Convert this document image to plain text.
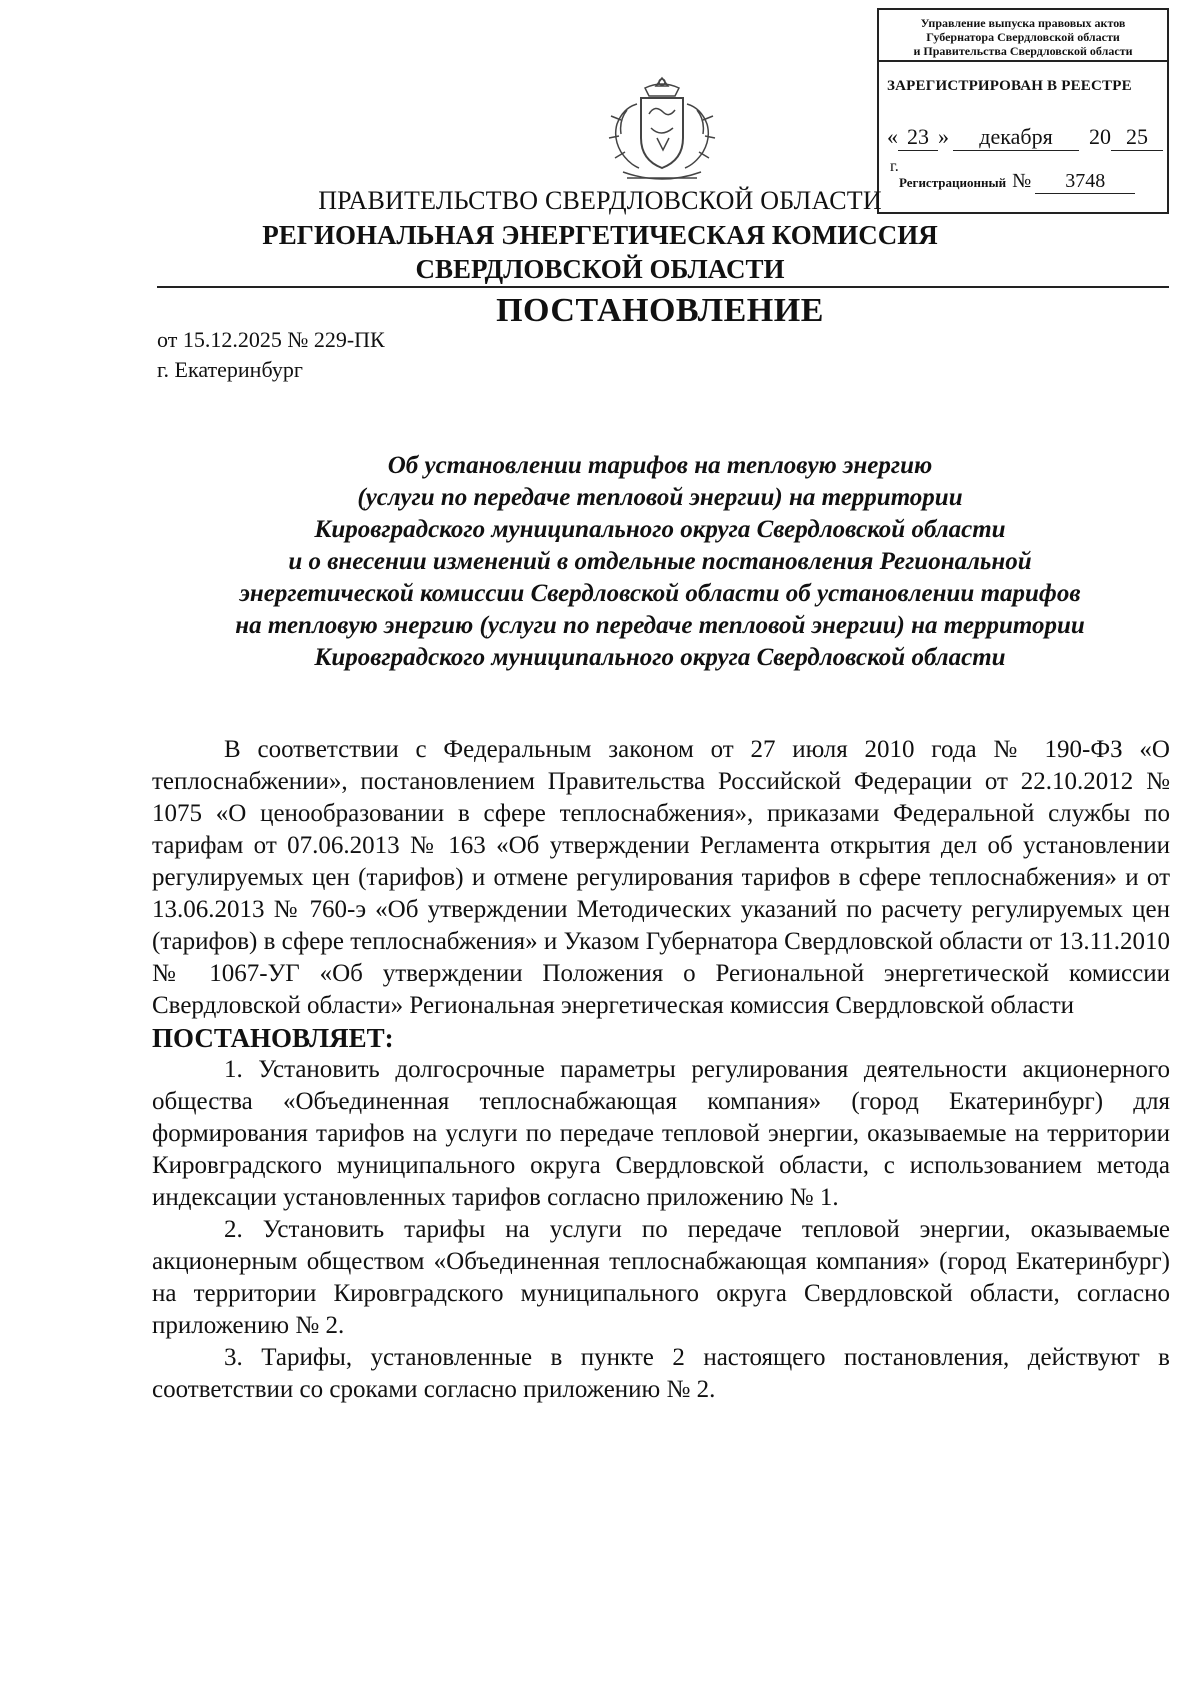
Управление выпуска правовых актов
Губернатора Свердловской области
и Правительства Свердловской области
ЗАРЕГИСТРИРОВАН В РЕЕСТРЕ
« 23 » декабря 20 25г.
Регистрационный № 3748
ПРАВИТЕЛЬСТВО СВЕРДЛОВСКОЙ ОБЛАСТИ
РЕГИОНАЛЬНАЯ ЭНЕРГЕТИЧЕСКАЯ КОМИССИЯ
СВЕРДЛОВСКОЙ ОБЛАСТИ
ПОСТАНОВЛЕНИЕ
от 15.12.2025 № 229-ПК
г. Екатеринбург
Об установлении тарифов на тепловую энергию
(услуги по передаче тепловой энергии) на территории
Кировградского муниципального округа Свердловской области
и о внесении изменений в отдельные постановления Региональной
энергетической комиссии Свердловской области об установлении тарифов
на тепловую энергию (услуги по передаче тепловой энергии) на территории
Кировградского муниципального округа Свердловской области

В соответствии с Федеральным законом от 27 июля 2010 года № 190-ФЗ «О теплоснабжении», постановлением Правительства Российской Федерации от 22.10.2012 № 1075 «О ценообразовании в сфере теплоснабжения», приказами Федеральной службы по тарифам от 07.06.2013 № 163 «Об утверждении Регламента открытия дел об установлении регулируемых цен (тарифов) и отмене регулирования тарифов в сфере теплоснабжения» и от 13.06.2013 № 760-э «Об утверждении Методических указаний по расчету регулируемых цен (тарифов) в сфере теплоснабжения» и Указом Губернатора Свердловской области от 13.11.2010 № 1067-УГ «Об утверждении Положения о Региональной энергетической комиссии Свердловской области» Региональная энергетическая комиссия Свердловской области

ПОСТАНОВЛЯЕТ:

1. Установить долгосрочные параметры регулирования деятельности акционерного общества «Объединенная теплоснабжающая компания» (город Екатеринбург) для формирования тарифов на услуги по передаче тепловой энергии, оказываемые на территории Кировградского муниципального округа Свердловской области, с использованием метода индексации установленных тарифов согласно приложению № 1.

2. Установить тарифы на услуги по передаче тепловой энергии, оказываемые акционерным обществом «Объединенная теплоснабжающая компания» (город Екатеринбург) на территории Кировградского муниципального округа Свердловской области, согласно приложению № 2.

3. Тарифы, установленные в пункте 2 настоящего постановления, действуют в соответствии со сроками согласно приложению № 2.
